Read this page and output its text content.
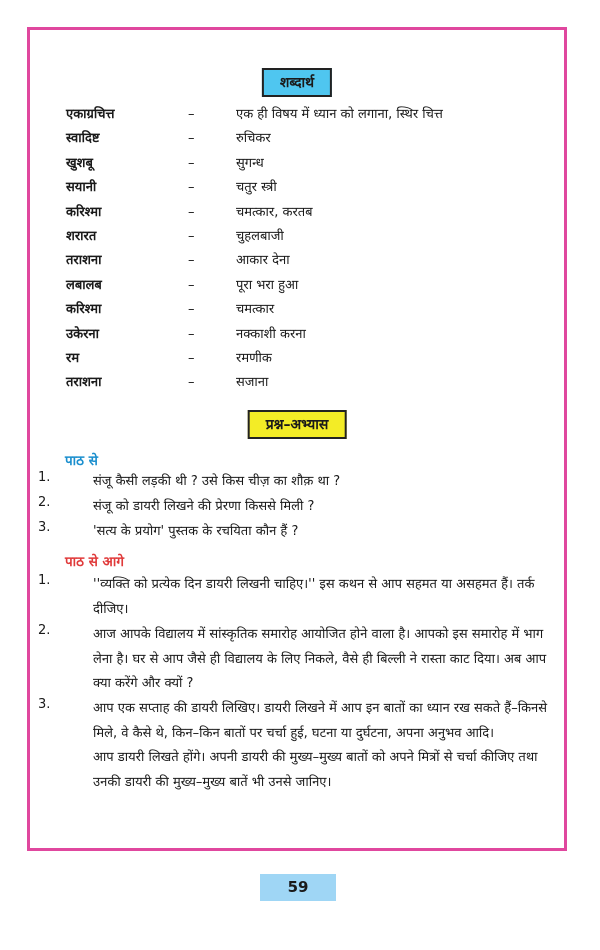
शब्दार्थ
एकाग्रचित्त	–	एक ही विषय में ध्यान को लगाना, स्थिर चित्त
स्वादिष्ट	–	रुचिकर
खुशबू	–	सुगन्ध
सयानी	–	चतुर स्त्री
करिश्मा	–	चमत्कार, करतब
शरारत	–	चुहलबाजी
तराशना	–	आकार देना
लबालब	–	पूरा भरा हुआ
करिश्मा	–	चमत्कार
उकेरना	–	नक्काशी करना
रम	–	रमणीक
तराशना	–	सजाना
प्रश्न–अभ्यास
पाठ से
1.	संजू कैसी लड़की थी ? उसे किस चीज़ का शौक़ था ?
2.	संजू को डायरी लिखने की प्रेरणा किससे मिली ?
3.	'सत्य के प्रयोग' पुस्तक के रचयिता कौन हैं ?
पाठ से आगे
1.	''व्यक्ति को प्रत्येक दिन डायरी लिखनी चाहिए।'' इस कथन से आप सहमत या असहमत हैं। तर्क दीजिए।
2.	आज आपके विद्यालय में सांस्कृतिक समारोह आयोजित होने वाला है। आपको इस समारोह में भाग लेना है। घर से आप जैसे ही विद्यालय के लिए निकले, वैसे ही बिल्ली ने रास्ता काट दिया। अब आप क्या करेंगे और क्यों ?
3.	आप एक सप्ताह की डायरी लिखिए। डायरी लिखने में आप इन बातों का ध्यान रख सकते हैं–किनसे मिले, वे कैसे थे, किन–किन बातों पर चर्चा हुई, घटना या दुर्घटना, अपना अनुभव आदि।
आप डायरी लिखते होंगे। अपनी डायरी की मुख्य–मुख्य बातों को अपने मित्रों से चर्चा कीजिए तथा उनकी डायरी की मुख्य–मुख्य बातें भी उनसे जानिए।
59
